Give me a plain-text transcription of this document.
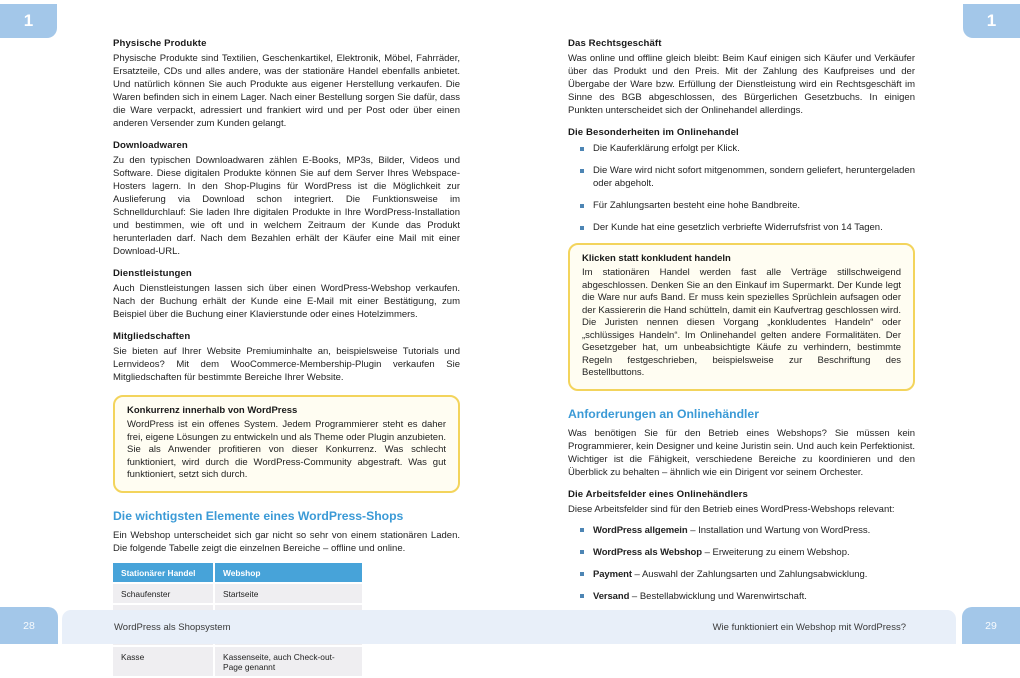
1	1
Physische Produkte

Physische Produkte sind Textilien, Geschenkartikel, Elektronik, Möbel, Fahrräder, Ersatzteile, CDs und alles andere, was der stationäre Handel ebenfalls anbietet. Und natürlich können Sie auch Produkte aus eigener Herstellung verkaufen. Die Waren befinden sich in einem Lager. Nach einer Bestellung sorgen Sie dafür, dass die Ware verpackt, adressiert und frankiert wird und per Post oder über einen anderen Versender zum Kunden gelangt.

Downloadwaren

Zu den typischen Downloadwaren zählen E-Books, MP3s, Bilder, Videos und Software. Diese digitalen Produkte können Sie auf dem Server Ihres Webspace-Hosters lagern. In den Shop-Plugins für WordPress ist die Möglichkeit zur Auslieferung via Download schon integriert. Die Funktionsweise im Schnelldurchlauf: Sie laden Ihre digitalen Produkte in Ihre WordPress-Installation und bestimmen, wie oft und in welchem Zeitraum der Kunde das Produkt herunterladen darf. Nach dem Bezahlen erhält der Käufer eine Mail mit einer Download-URL.

Dienstleistungen

Auch Dienstleistungen lassen sich über einen WordPress-Webshop verkaufen. Nach der Buchung erhält der Kunde eine E-Mail mit einer Bestätigung, zum Beispiel über die Buchung einer Klavierstunde oder eines Hotelzimmers.

Mitgliedschaften

Sie bieten auf Ihrer Website Premiuminhalte an, beispielsweise Tutorials und Lernvideos? Mit dem WooCommerce-Membership-Plugin verkaufen Sie Mitgliedschaften für bestimmte Bereiche Ihrer Website.

Konkurrenz innerhalb von WordPress
WordPress ist ein offenes System. Jedem Programmierer steht es daher frei, eigene Lösungen zu entwickeln und als Theme oder Plugin anzubieten. Sie als Anwender profitieren von dieser Konkurrenz. Was schlecht funktioniert, wird durch die WordPress-Community abgestraft. Was gut funktioniert, setzt sich durch.
Die wichtigsten Elemente eines WordPress-Shops

Ein Webshop unterscheidet sich gar nicht so sehr von einem stationären Laden. Die folgende Tabelle zeigt die einzelnen Bereiche – offline und online.

Stationärer Handel	Webshop
Schaufenster	Startseite
Kasse	Kassenseite, auch Check-out-Page genannt
Das Rechtsgeschäft

Was online und offline gleich bleibt: Beim Kauf einigen sich Käufer und Verkäufer über das Produkt und den Preis. Mit der Zahlung des Kaufpreises und der Übergabe der Ware bzw. Erfüllung der Dienstleistung wird ein Rechtsgeschäft im Sinne des BGB abgeschlossen, des Bürgerlichen Gesetzbuchs. In einigen Punkten unterscheidet sich der Onlinehandel allerdings.

Die Besonderheiten im Onlinehandel
Die Kauferklärung erfolgt per Klick.
Die Ware wird nicht sofort mitgenommen, sondern geliefert, heruntergeladen oder abgeholt.
Für Zahlungsarten besteht eine hohe Bandbreite.
Der Kunde hat eine gesetzlich verbriefte Widerrufsfrist von 14 Tagen.
Klicken statt konkludent handeln
Im stationären Handel werden fast alle Verträge stillschweigend abgeschlossen. Denken Sie an den Einkauf im Supermarkt. Der Kunde legt die Ware nur aufs Band. Er muss kein spezielles Sprüchlein aufsagen oder der Kassiererin die Hand schütteln, damit ein Kaufvertrag geschlossen wird. Die Juristen nennen diesen Vorgang „konkludentes Handeln“ oder „schlüssiges Handeln“. Im Onlinehandel gelten andere Formalitäten. Der Gesetzgeber hat, um unbeabsichtigte Käufe zu verhindern, bestimmte Regeln festgeschrieben, beispielsweise zur Beschriftung des Bestellbuttons.
Anforderungen an Onlinehändler

Was benötigen Sie für den Betrieb eines Webshops? Sie müssen kein Programmierer, kein Designer und keine Juristin sein. Und auch kein Perfektionist. Wichtiger ist die Fähigkeit, verschiedene Bereiche zu koordinieren und den Überblick zu behalten – ähnlich wie ein Dirigent vor seinem Orchester.

Die Arbeitsfelder eines Onlinehändlers

Diese Arbeitsfelder sind für den Betrieb eines WordPress-Webshops relevant:

WordPress allgemein – Installation und Wartung von WordPress.
WordPress als Webshop – Erweiterung zu einem Webshop.
Payment – Auswahl der Zahlungsarten und Zahlungsabwicklung.
Versand – Bestellabwicklung und Warenwirtschaft.
WordPress als Shopsystem	Wie funktioniert ein Webshop mit WordPress?
28	29
